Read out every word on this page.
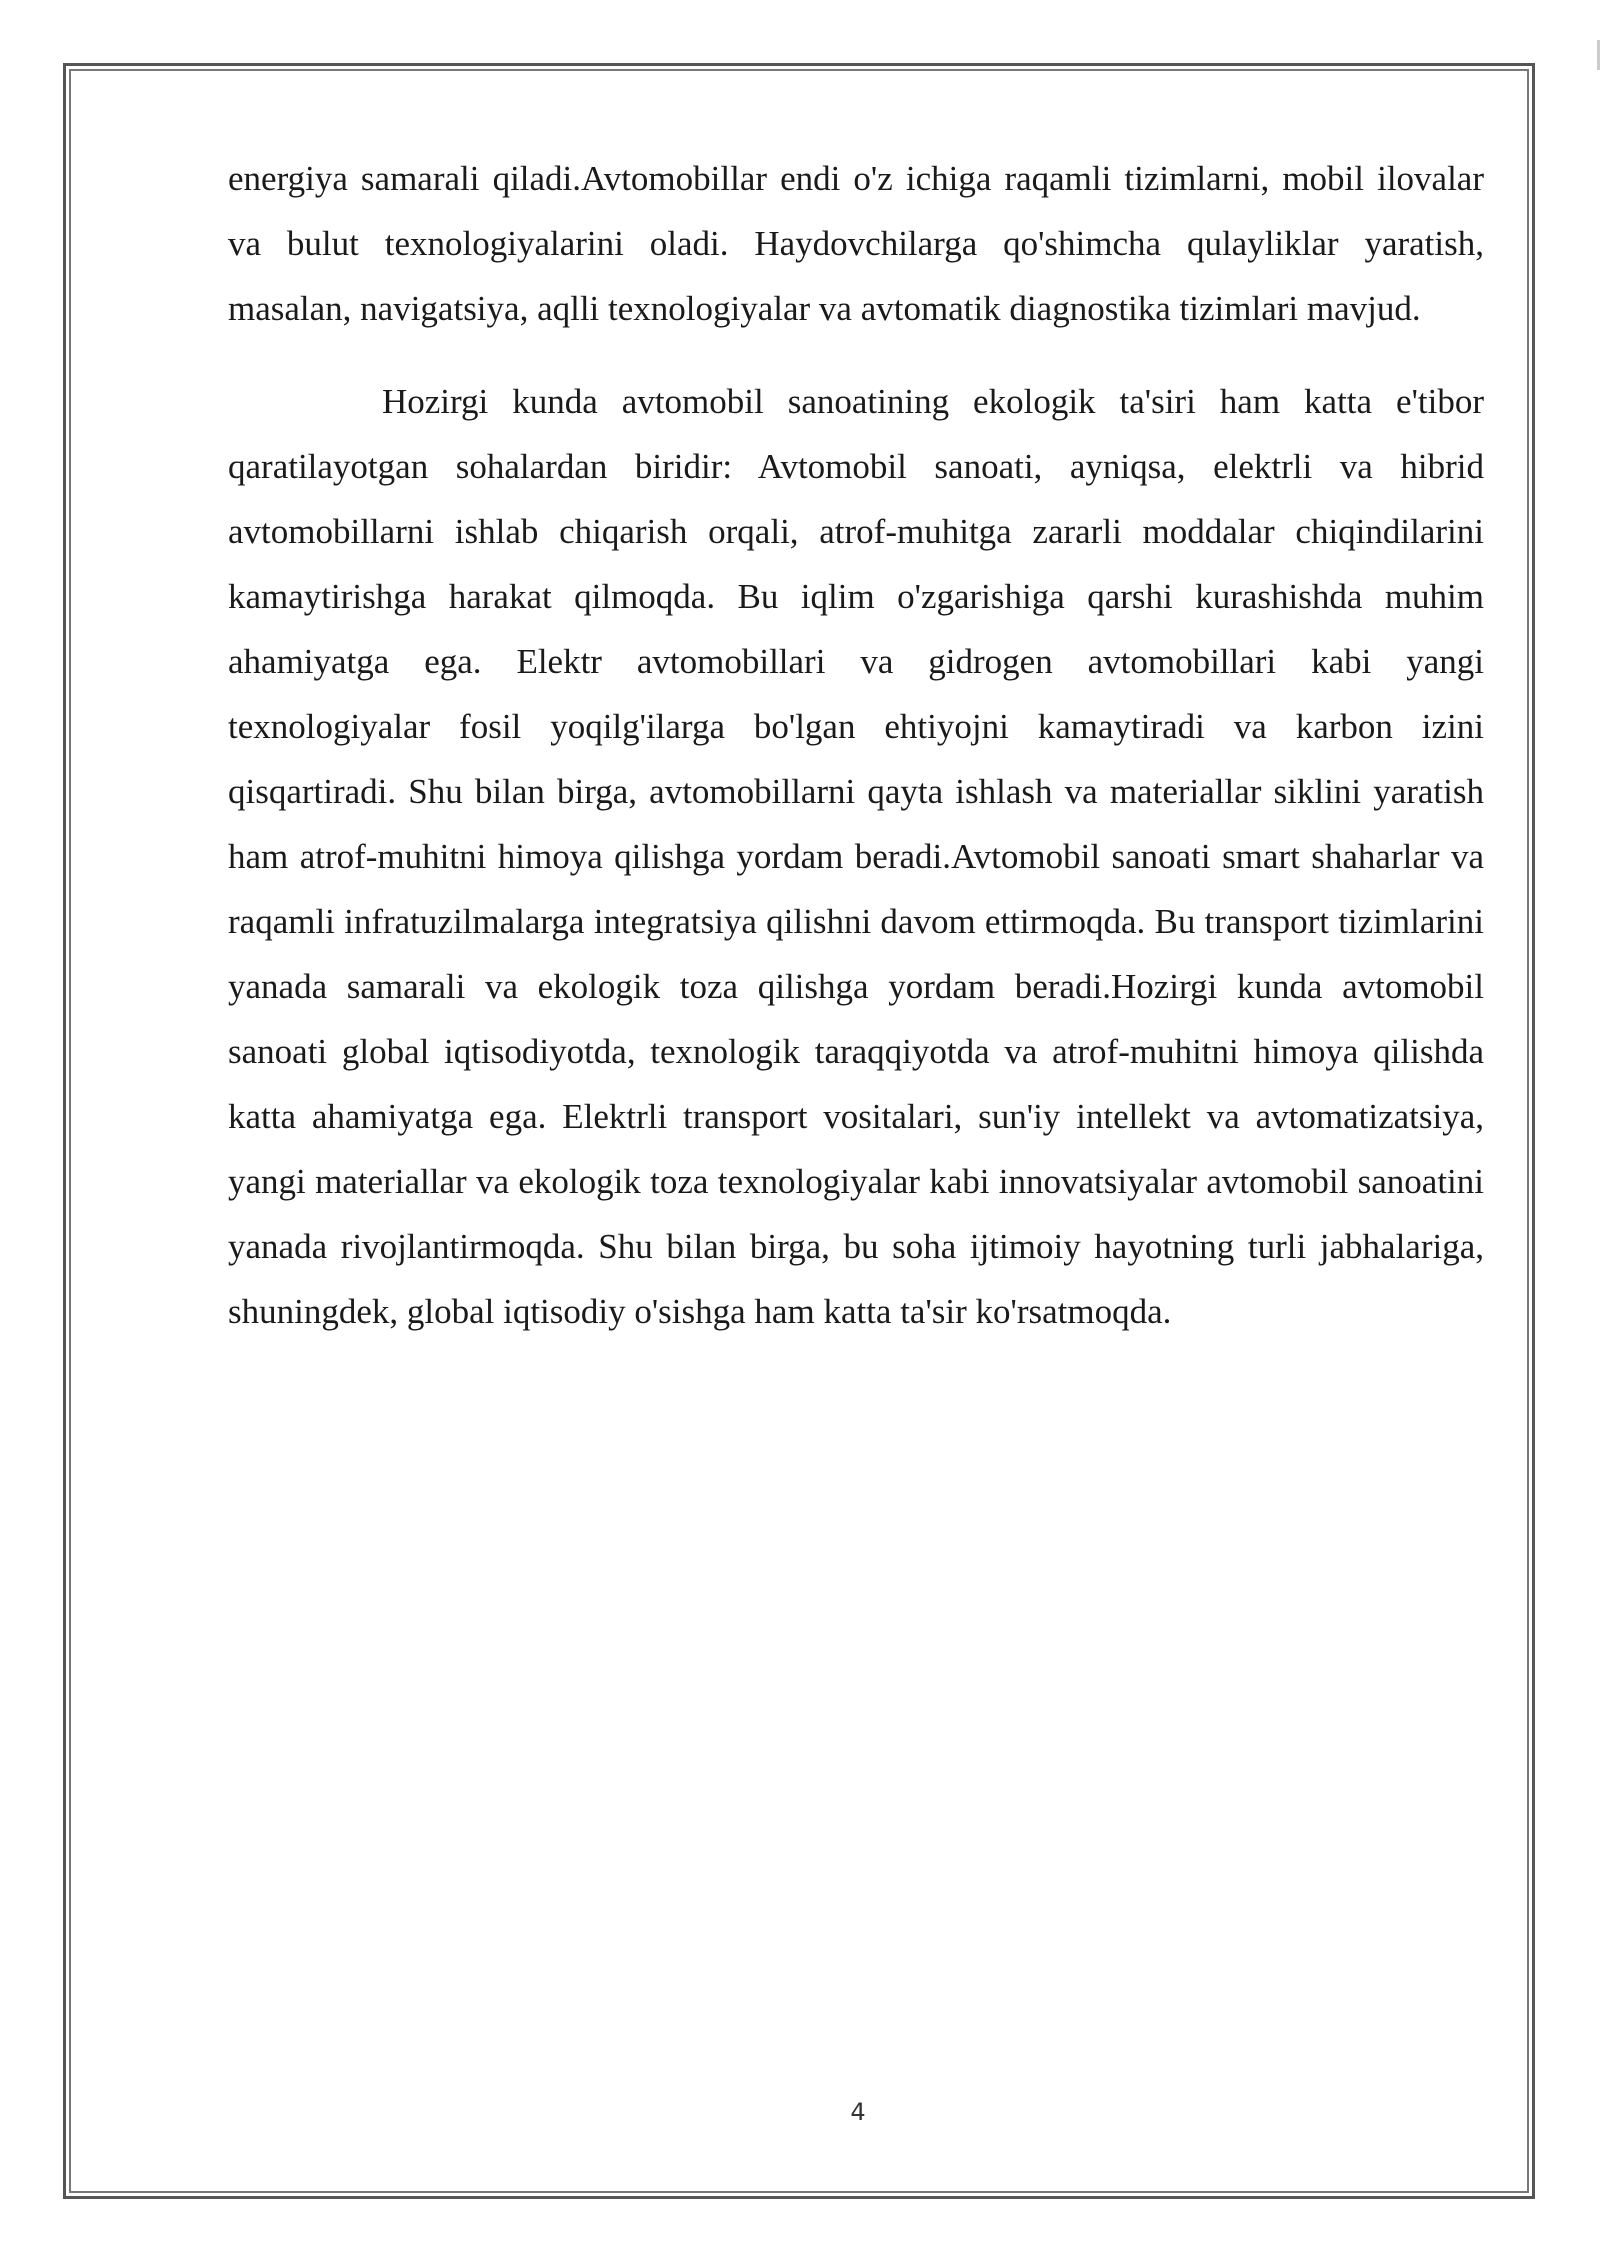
energiya samarali qiladi.Avtomobillar endi o'z ichiga raqamli tizimlarni, mobil ilovalar va bulut texnologiyalarini oladi. Haydovchilarga qo'shimcha qulayliklar yaratish, masalan, navigatsiya, aqlli texnologiyalar va avtomatik diagnostika tizimlari mavjud.

Hozirgi kunda avtomobil sanoatining ekologik ta'siri ham katta e'tibor qaratilayotgan sohalardan biridir: Avtomobil sanoati, ayniqsa, elektrli va hibrid avtomobillarni ishlab chiqarish orqali, atrof-muhitga zararli moddalar chiqindilarini kamaytirishga harakat qilmoqda. Bu iqlim o'zgarishiga qarshi kurashishda muhim ahamiyatga ega. Elektr avtomobillari va gidrogen avtomobillari kabi yangi texnologiyalar fosil yoqilg'ilarga bo'lgan ehtiyojni kamaytiradi va karbon izini qisqartiradi. Shu bilan birga, avtomobillarni qayta ishlash va materiallar siklini yaratish ham atrof-muhitni himoya qilishga yordam beradi.Avtomobil sanoati smart shaharlar va raqamli infratuzilmalarga integratsiya qilishni davom ettirmoqda. Bu transport tizimlarini yanada samarali va ekologik toza qilishga yordam beradi.Hozirgi kunda avtomobil sanoati global iqtisodiyotda, texnologik taraqqiyotda va atrof-muhitni himoya qilishda katta ahamiyatga ega. Elektrli transport vositalari, sun'iy intellekt va avtomatizatsiya, yangi materiallar va ekologik toza texnologiyalar kabi innovatsiyalar avtomobil sanoatini yanada rivojlantirmoqda. Shu bilan birga, bu soha ijtimoiy hayotning turli jabhalariga, shuningdek, global iqtisodiy o'sishga ham katta ta'sir ko'rsatmoqda.

4
